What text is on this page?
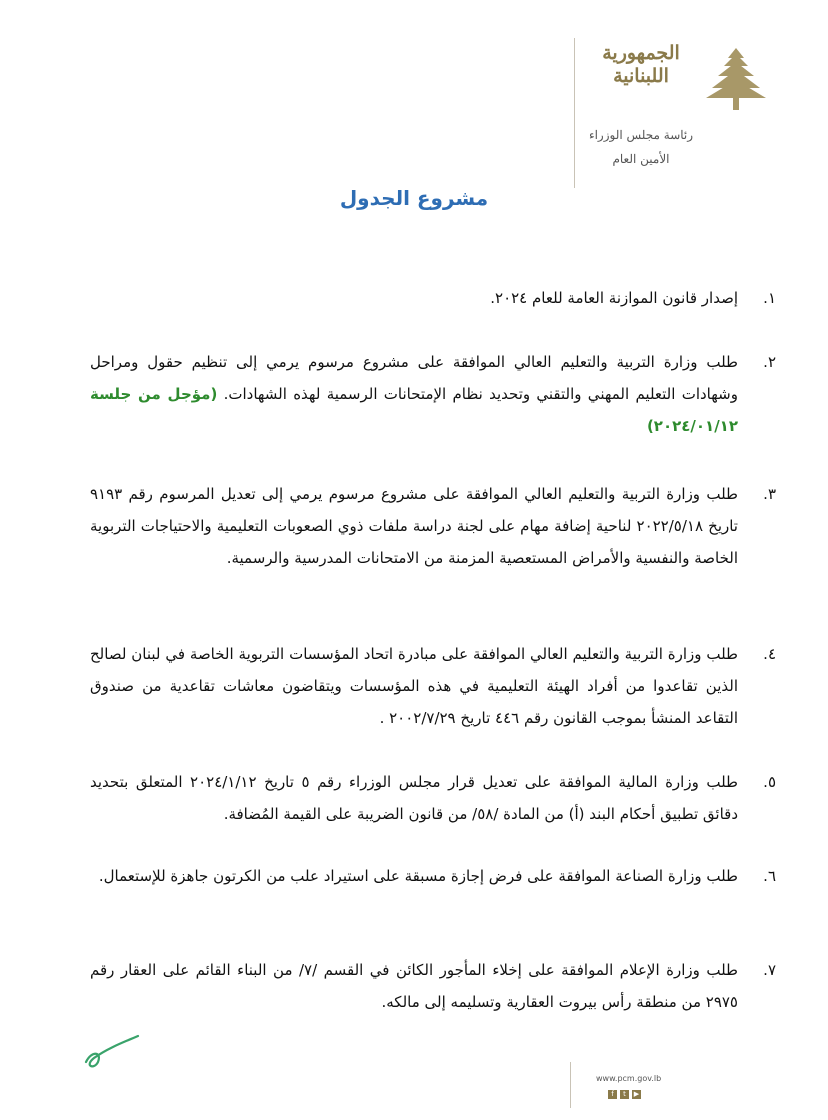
الجمهورية اللبنانية
رئاسة مجلس الوزراء
الأمين العام
مشروع الجدول
١.
إصدار قانون الموازنة العامة للعام ٢٠٢٤.
٢.
طلب وزارة التربية والتعليم العالي الموافقة على مشروع مرسوم يرمي إلى تنظيم حقول ومراحل وشهادات التعليم المهني والتقني وتحديد نظام الإمتحانات الرسمية لهذه الشهادات. (مؤجل من جلسة ٢٠٢٤/٠١/١٢)
٣.
طلب وزارة التربية والتعليم العالي الموافقة على مشروع مرسوم يرمي إلى تعديل المرسوم رقم ٩١٩٣ تاريخ ٢٠٢٢/٥/١٨ لناحية إضافة مهام على لجنة دراسة ملفات ذوي الصعوبات التعليمية والاحتياجات التربوية الخاصة والنفسية والأمراض المستعصية المزمنة من الامتحانات المدرسية والرسمية.
٤.
طلب وزارة التربية والتعليم العالي الموافقة على مبادرة اتحاد المؤسسات التربوية الخاصة في لبنان لصالح الذين تقاعدوا من أفراد الهيئة التعليمية في هذه المؤسسات ويتقاضون معاشات تقاعدية من صندوق التقاعد المنشأ بموجب القانون رقم ٤٤٦ تاريخ ٢٠٠٢/٧/٢٩ .
٥.
طلب وزارة المالية الموافقة على تعديل قرار مجلس الوزراء رقم ٥ تاريخ ٢٠٢٤/١/١٢ المتعلق بتحديد دقائق تطبيق أحكام البند (أ) من المادة /٥٨/ من قانون الضريبة على القيمة المُضافة.
٦.
طلب وزارة الصناعة الموافقة على فرض إجازة مسبقة على استيراد علب من الكرتون جاهزة للإستعمال.
٧.
طلب وزارة الإعلام الموافقة على إخلاء المأجور الكائن في القسم /٧/ من البناء القائم على العقار رقم ٢٩٧٥ من منطقة رأس بيروت العقارية وتسليمه إلى مالكه.
www.pcm.gov.lb
f	t	▶
